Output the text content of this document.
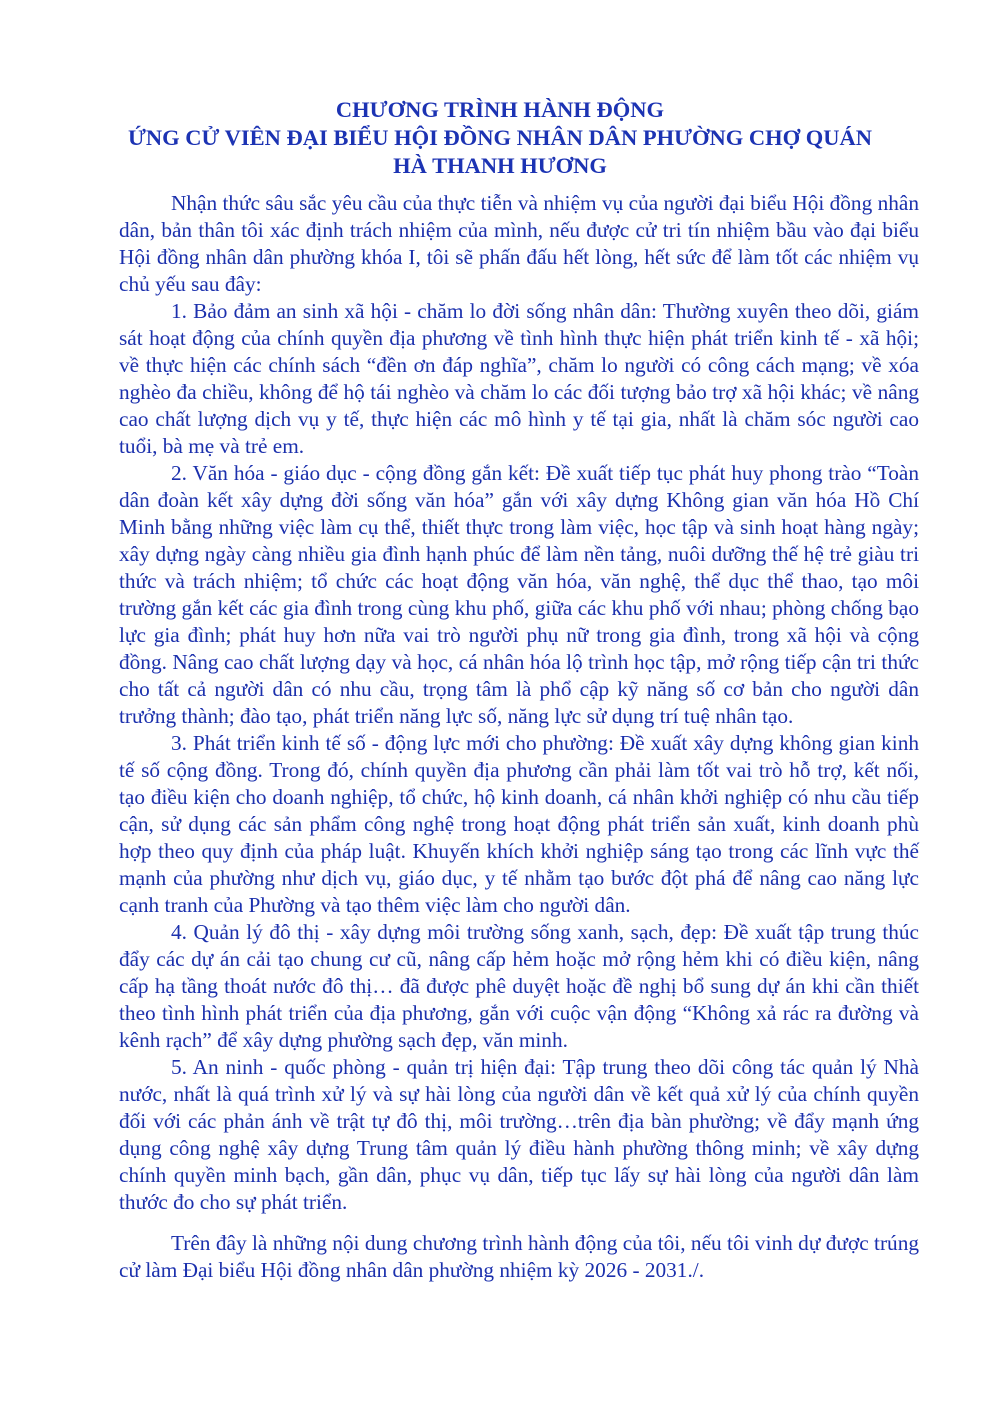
CHƯƠNG TRÌNH HÀNH ĐỘNG
ỨNG CỬ VIÊN ĐẠI BIỂU HỘI ĐỒNG NHÂN DÂN PHƯỜNG CHỢ QUÁN
HÀ THANH HƯƠNG

Nhận thức sâu sắc yêu cầu của thực tiễn và nhiệm vụ của người đại biểu Hội đồng nhân dân, bản thân tôi xác định trách nhiệm của mình, nếu được cử tri tín nhiệm bầu vào đại biểu Hội đồng nhân dân phường khóa I, tôi sẽ phấn đấu hết lòng, hết sức để làm tốt các nhiệm vụ chủ yếu sau đây:

1. Bảo đảm an sinh xã hội - chăm lo đời sống nhân dân: Thường xuyên theo dõi, giám sát hoạt động của chính quyền địa phương về tình hình thực hiện phát triển kinh tế - xã hội; về thực hiện các chính sách “đền ơn đáp nghĩa”, chăm lo người có công cách mạng; về xóa nghèo đa chiều, không để hộ tái nghèo và chăm lo các đối tượng bảo trợ xã hội khác; về nâng cao chất lượng dịch vụ y tế, thực hiện các mô hình y tế tại gia, nhất là chăm sóc người cao tuổi, bà mẹ và trẻ em.

2. Văn hóa - giáo dục - cộng đồng gắn kết: Đề xuất tiếp tục phát huy phong trào “Toàn dân đoàn kết xây dựng đời sống văn hóa” gắn với xây dựng Không gian văn hóa Hồ Chí Minh bằng những việc làm cụ thể, thiết thực trong làm việc, học tập và sinh hoạt hàng ngày; xây dựng ngày càng nhiều gia đình hạnh phúc để làm nền tảng, nuôi dưỡng thế hệ trẻ giàu tri thức và trách nhiệm; tổ chức các hoạt động văn hóa, văn nghệ, thể dục thể thao, tạo môi trường gắn kết các gia đình trong cùng khu phố, giữa các khu phố với nhau; phòng chống bạo lực gia đình; phát huy hơn nữa vai trò người phụ nữ trong gia đình, trong xã hội và cộng đồng. Nâng cao chất lượng dạy và học, cá nhân hóa lộ trình học tập, mở rộng tiếp cận tri thức cho tất cả người dân có nhu cầu, trọng tâm là phổ cập kỹ năng số cơ bản cho người dân trưởng thành; đào tạo, phát triển năng lực số, năng lực sử dụng trí tuệ nhân tạo.

3. Phát triển kinh tế số - động lực mới cho phường: Đề xuất xây dựng không gian kinh tế số cộng đồng. Trong đó, chính quyền địa phương cần phải làm tốt vai trò hỗ trợ, kết nối, tạo điều kiện cho doanh nghiệp, tổ chức, hộ kinh doanh, cá nhân khởi nghiệp có nhu cầu tiếp cận, sử dụng các sản phẩm công nghệ trong hoạt động phát triển sản xuất, kinh doanh phù hợp theo quy định của pháp luật. Khuyến khích khởi nghiệp sáng tạo trong các lĩnh vực thế mạnh của phường như dịch vụ, giáo dục, y tế nhằm tạo bước đột phá để nâng cao năng lực cạnh tranh của Phường và tạo thêm việc làm cho người dân.

4. Quản lý đô thị - xây dựng môi trường sống xanh, sạch, đẹp: Đề xuất tập trung thúc đẩy các dự án cải tạo chung cư cũ, nâng cấp hẻm hoặc mở rộng hẻm khi có điều kiện, nâng cấp hạ tầng thoát nước đô thị… đã được phê duyệt hoặc đề nghị bổ sung dự án khi cần thiết theo tình hình phát triển của địa phương, gắn với cuộc vận động “Không xả rác ra đường và kênh rạch” để xây dựng phường sạch đẹp, văn minh.

5. An ninh - quốc phòng - quản trị hiện đại: Tập trung theo dõi công tác quản lý Nhà nước, nhất là quá trình xử lý và sự hài lòng của người dân về kết quả xử lý của chính quyền đối với các phản ánh về trật tự đô thị, môi trường…trên địa bàn phường; về đẩy mạnh ứng dụng công nghệ xây dựng Trung tâm quản lý điều hành phường thông minh; về xây dựng chính quyền minh bạch, gần dân, phục vụ dân, tiếp tục lấy sự hài lòng của người dân làm thước đo cho sự phát triển.

Trên đây là những nội dung chương trình hành động của tôi, nếu tôi vinh dự được trúng cử làm Đại biểu Hội đồng nhân dân phường nhiệm kỳ 2026 - 2031./.
